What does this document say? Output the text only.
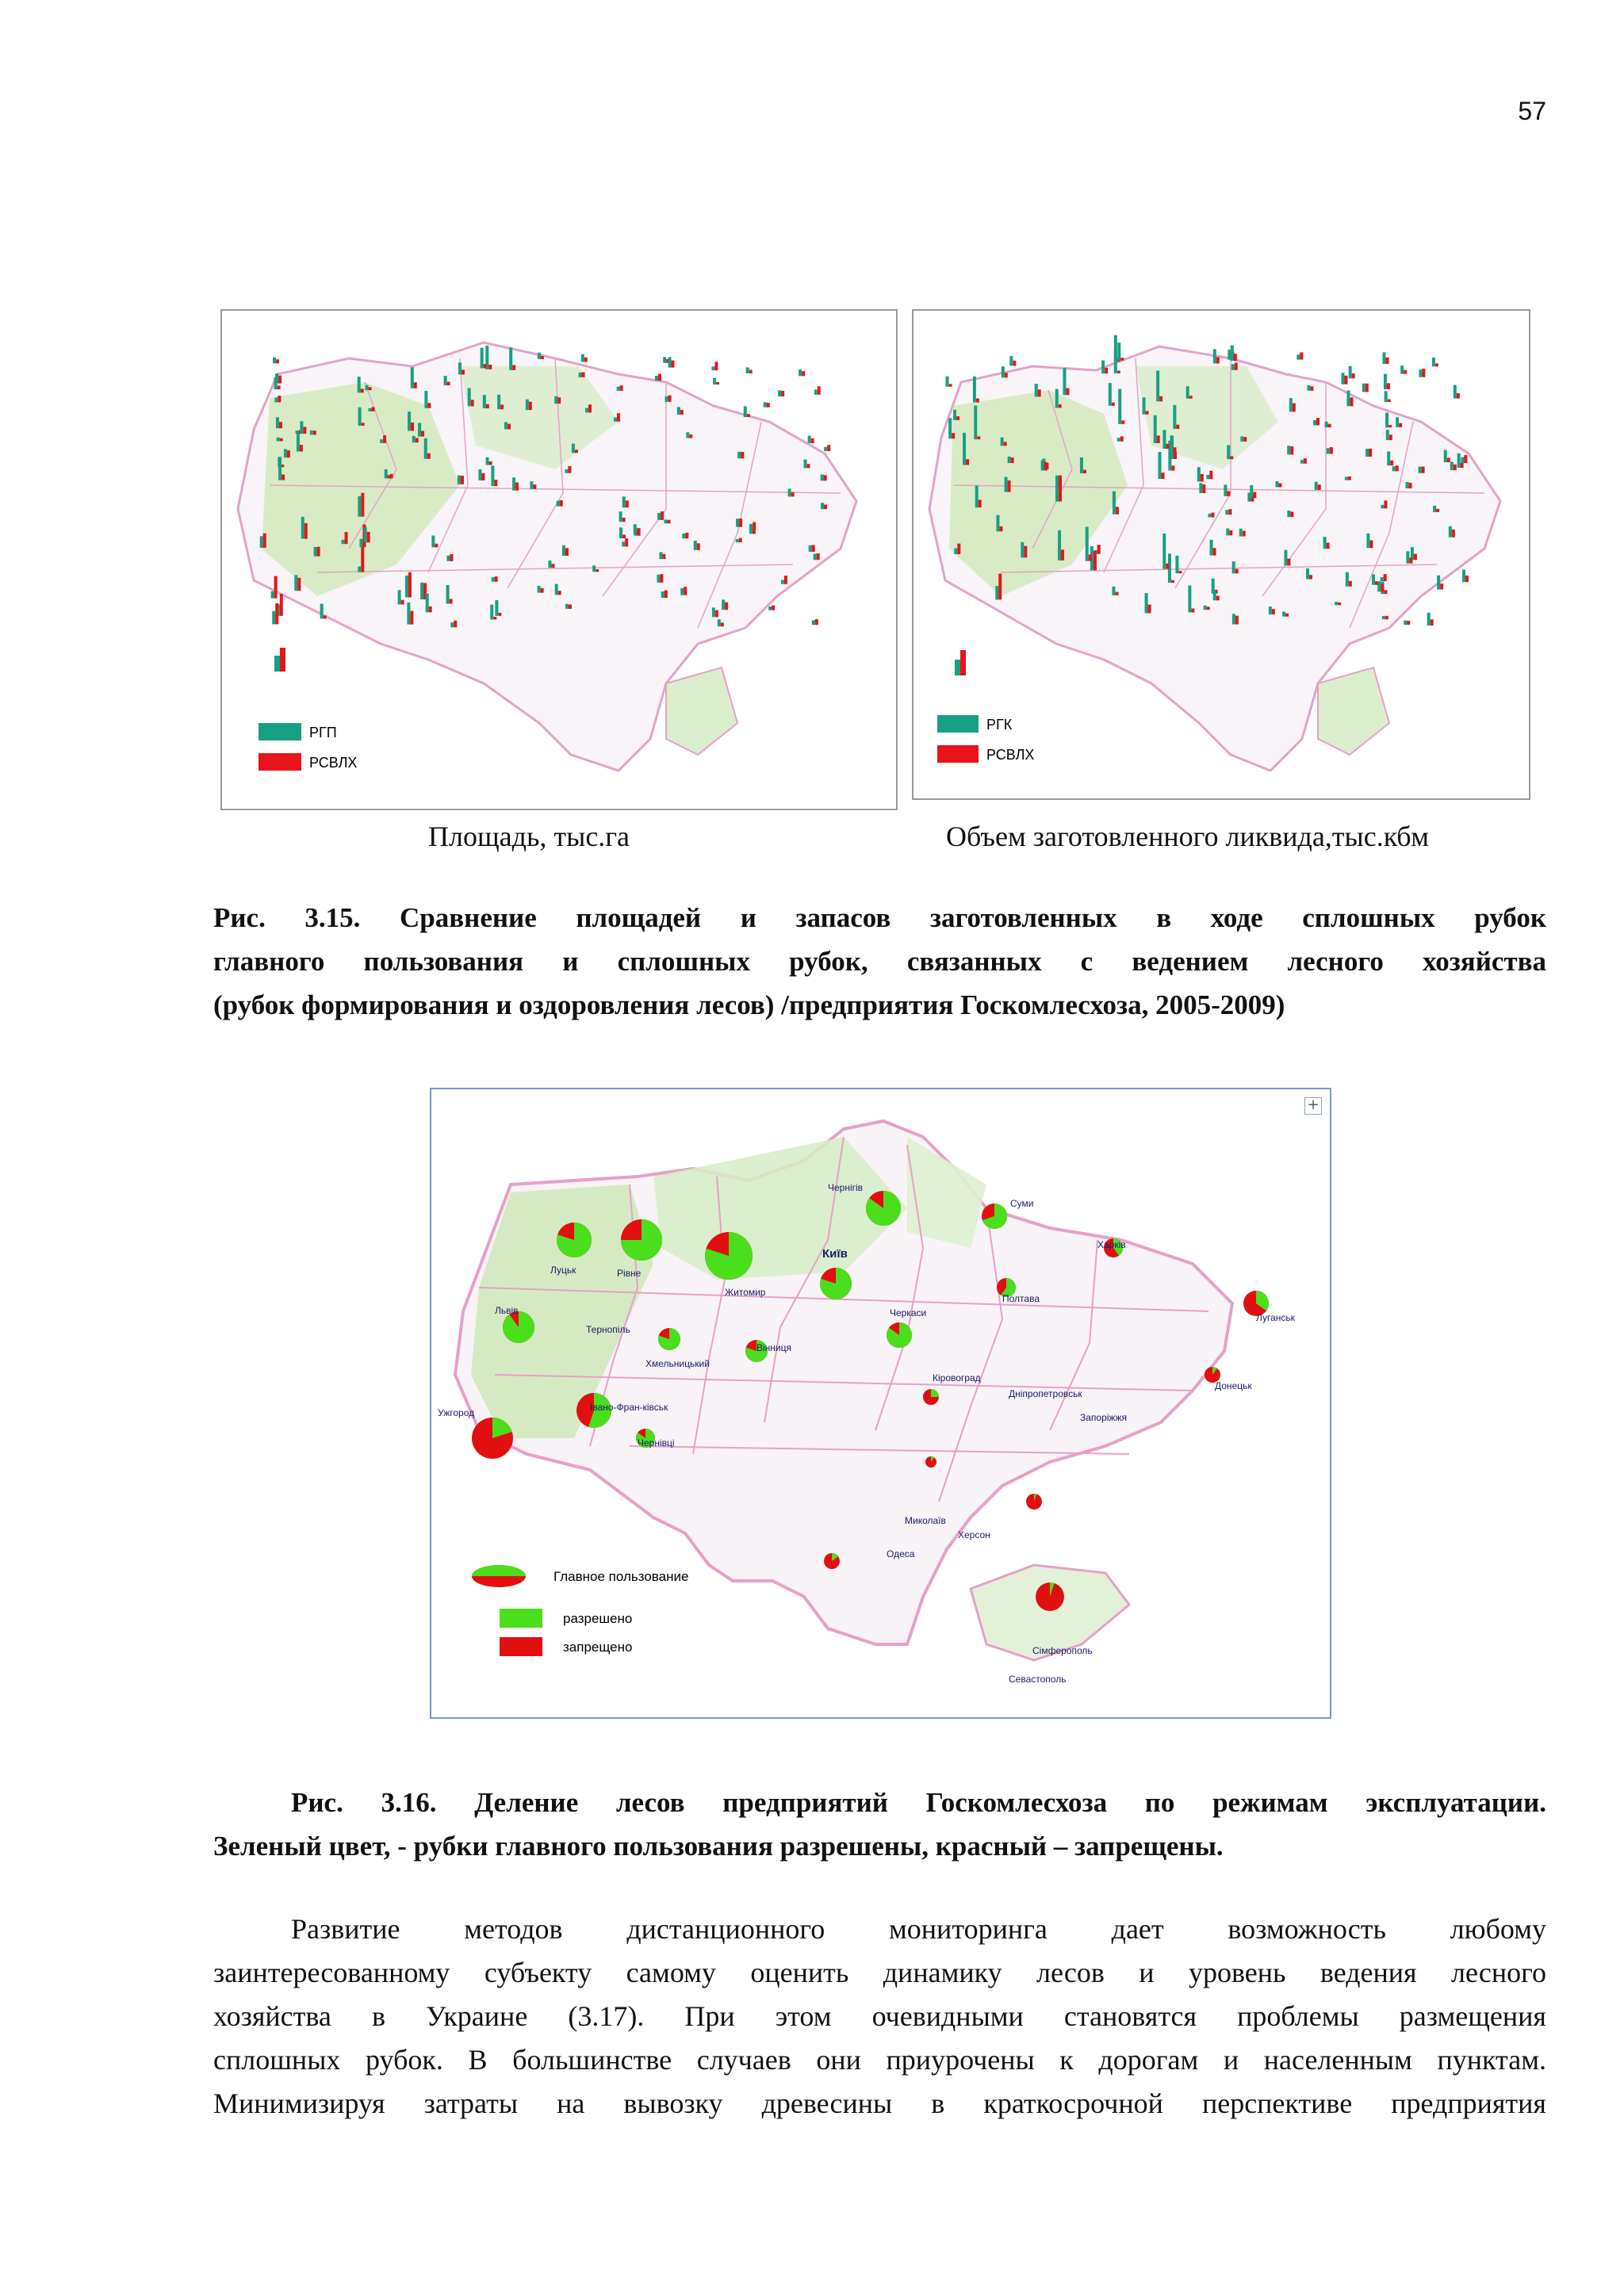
57
РГП
РСВЛХ
РГК
РСВЛХ
Площадь, тыс.га	Объем заготовленного ликвида,тыс.кбм
Рис. 3.15. Сравнение площадей и запасов заготовленных в ходе сплошных рубок
главного пользования и сплошных рубок, связанных с ведением лесного хозяйства
(рубок формирования и оздоровления лесов) /предприятия Госкомлесхоза, 2005-2009)
+
Чернігів
Суми
Харків
Луганськ
Луцьк	Рівне
Житомир
Київ
Полтава
Львів
Тернопіль
Хмельницький
Вінниця
Черкаси
Кіровоград
Дніпропетровськ
Донецьк
Запоріжжя
Ужгород	Івано-Фран-ківськ
Чернівці
Миколаїв
Херсон
Одеса
Сімферополь
Севастополь
Главное пользование
разрешено
запрещено
Рис. 3.16. Деление лесов предприятий Госкомлесхоза по режимам эксплуатации.
Зеленый цвет, - рубки главного пользования разрешены, красный – запрещены.
Развитие методов дистанционного мониторинга дает возможность любому
заинтересованному субъекту самому оценить динамику лесов и уровень ведения лесного
хозяйства в Украине (3.17). При этом очевидными становятся проблемы размещения
сплошных рубок. В большинстве случаев они приурочены к дорогам и населенным пунктам.
Минимизируя затраты на вывозку древесины в краткосрочной перспективе предприятия
